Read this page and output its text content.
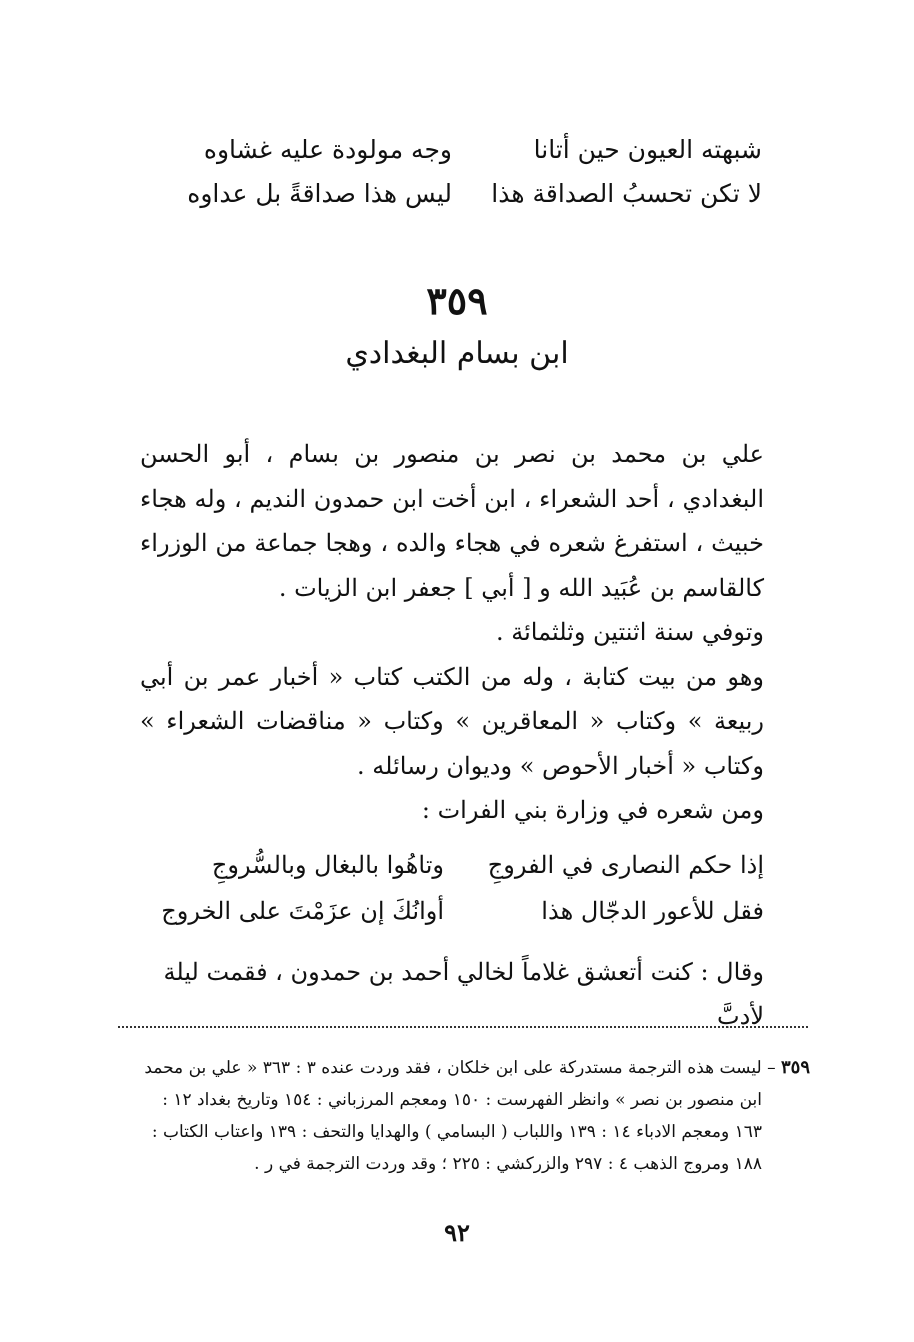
شبهته العيون حين أتاناوجه مولودة عليه غشاوه
لا تكن تحسبُ الصداقة هذاليس هذا صداقةً بل عداوه
٣٥٩
ابن بسام البغدادي

علي بن محمد بن نصر بن منصور بن بسام ، أبو الحسن البغدادي ، أحد الشعراء ، ابن أخت ابن حمدون النديم ، وله هجاء خبيث ، استفرغ شعره في هجاء والده ، وهجا جماعة من الوزراء كالقاسم بن عُبَيد الله و [ أبي ] جعفر ابن الزيات .

وتوفي سنة اثنتين وثلثمائة .

وهو من بيت كتابة ، وله من الكتب كتاب « أخبار عمر بن أبي ربيعة » وكتاب « المعاقرين » وكتاب « مناقضات الشعراء » وكتاب « أخبار الأحوص » وديوان رسائله .

ومن شعره في وزارة بني الفرات :

إذا حكم النصارى في الفروجِوتاهُوا بالبغال وبالسُّروجِ
فقل للأعور الدجّال هذاأوانُكَ إن عزَمْتَ على الخروج
وقال : كنت أتعشق غلاماً لخالي أحمد بن حمدون ، فقمت ليلة لأدبَّ
٣٥٩ – ليست هذه الترجمة مستدركة على ابن خلكان ، فقد وردت عنده ٣ : ٣٦٣ « علي بن محمد
ابن منصور بن نصر » وانظر الفهرست : ١٥٠ ومعجم المرزباني : ١٥٤ وتاريخ بغداد ١٢ :
١٦٣ ومعجم الادباء ١٤ : ١٣٩ واللباب ( البسامي ) والهدايا والتحف : ١٣٩ واعتاب الكتاب :
١٨٨ ومروج الذهب ٤ : ٢٩٧ والزركشي : ٢٢٥ ؛ وقد وردت الترجمة في ر .
٩٢
